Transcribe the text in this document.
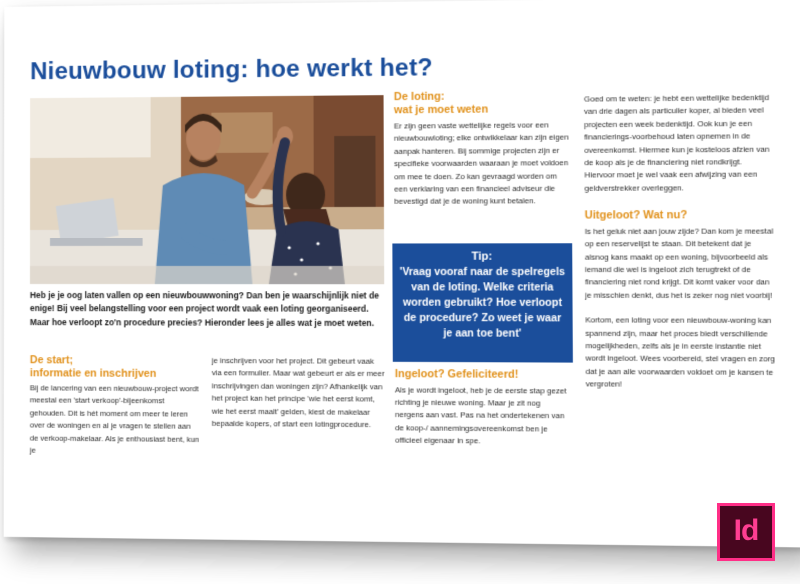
Nieuwbouw loting: hoe werkt het?

Heb je je oog laten vallen op een nieuwbouwwoning? Dan ben je waarschijnlijk niet de enige! Bij veel belangstelling voor een project wordt vaak een loting georganiseerd. Maar hoe verloopt zo'n procedure precies? Hieronder lees je alles wat je moet weten.

De start;

informatie en inschrijven

Bij de lancering van een nieuwbouw-project wordt meestal een 'start verkoop'-bijeenkomst gehouden. Dit is hét moment om meer te leren over de woningen en al je vragen te stellen aan de verkoop-makelaar. Als je enthousiast bent, kun je

je inschrijven voor het project. Dit gebeurt vaak via een formulier. Maar wat gebeurt er als er meer inschrijvingen dan woningen zijn? Afhankelijk van het project kan het principe 'wie het eerst komt, wie het eerst maalt' gelden, kiest de makelaar bepaalde kopers, of start een lotingprocedure.

De loting:

wat je moet weten

Er zijn geen vaste wettelijke regels voor een nieuwbouwloting; elke ontwikkelaar kan zijn eigen aanpak hanteren. Bij sommige projecten zijn er specifieke voorwaarden waaraan je moet voldoen om mee te doen. Zo kan gevraagd worden om een verklaring van een financieel adviseur die bevestigd dat je de woning kunt betalen.

Tip:
'Vraag vooraf naar de spelregels van de loting. Welke criteria worden gebruikt? Hoe verloopt de procedure? Zo weet je waar je aan toe bent'

Ingeloot? Gefeliciteerd!

Als je wordt ingeloot, heb je de eerste stap gezet richting je nieuwe woning. Maar je zit nog nergens aan vast. Pas na het ondertekenen van de koop-/ aannemingsovereenkomst ben je officieel eigenaar in spe.

Goed om te weten: je hebt een wettelijke bedenktijd van drie dagen als particulier koper, al bieden veel projecten een week bedenktijd. Ook kun je een financierings-voorbehoud laten opnemen in de overeenkomst. Hiermee kun je kosteloos afzien van de koop als je de financiering niet rondkrijgt. Hiervoor moet je wel vaak een afwijzing van een geldverstrekker overleggen.

Uitgeloot? Wat nu?

Is het geluk niet aan jouw zijde? Dan kom je meestal op een reservelijst te staan. Dit betekent dat je alsnog kans maakt op een woning, bijvoorbeeld als iemand die wel is ingeloot zich terugtrekt of de financiering niet rond krijgt. Dit komt vaker voor dan je misschien denkt, dus het is zeker nog niet voorbij!

Kortom, een loting voor een nieuwbouw-woning kan spannend zijn, maar het proces biedt verschillende mogelijkheden, zelfs als je in eerste instantie niet wordt ingeloot. Wees voorbereid, stel vragen en zorg dat je aan alle voorwaarden voldoet om je kansen te vergroten!

Id
